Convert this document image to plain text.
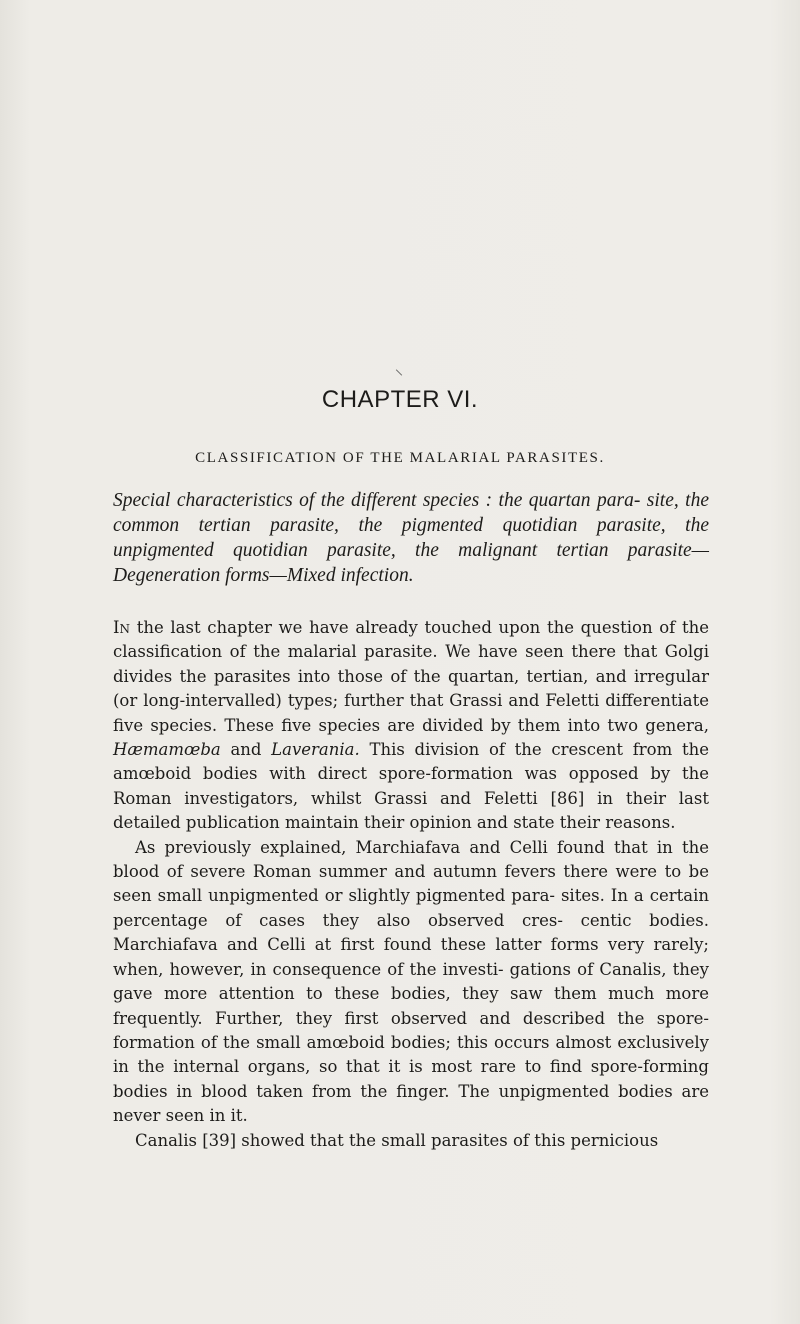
CHAPTER VI.
CLASSIFICATION OF THE MALARIAL PARASITES.
Special characteristics of the different species : the quartan para- site, the common tertian parasite, the pigmented quotidian parasite, the unpigmented quotidian parasite, the malignant tertian parasite—Degeneration forms—Mixed infection.

In the last chapter we have already touched upon the question of the classification of the malarial parasite. We have seen there that Golgi divides the parasites into those of the quartan, tertian, and irregular (or long-intervalled) types; further that Grassi and Feletti differentiate five species. These five species are divided by them into two genera, Hæmamœba and Laverania. This division of the crescent from the amœboid bodies with direct spore-formation was opposed by the Roman investigators, whilst Grassi and Feletti [86] in their last detailed publication maintain their opinion and state their reasons.

As previously explained, Marchiafava and Celli found that in the blood of severe Roman summer and autumn fevers there were to be seen small unpigmented or slightly pigmented para- sites. In a certain percentage of cases they also observed cres- centic bodies. Marchiafava and Celli at first found these latter forms very rarely; when, however, in consequence of the investi- gations of Canalis, they gave more attention to these bodies, they saw them much more frequently. Further, they first observed and described the spore-formation of the small amœboid bodies; this occurs almost exclusively in the internal organs, so that it is most rare to find spore-forming bodies in blood taken from the finger. The unpigmented bodies are never seen in it.

Canalis [39] showed that the small parasites of this pernicious
